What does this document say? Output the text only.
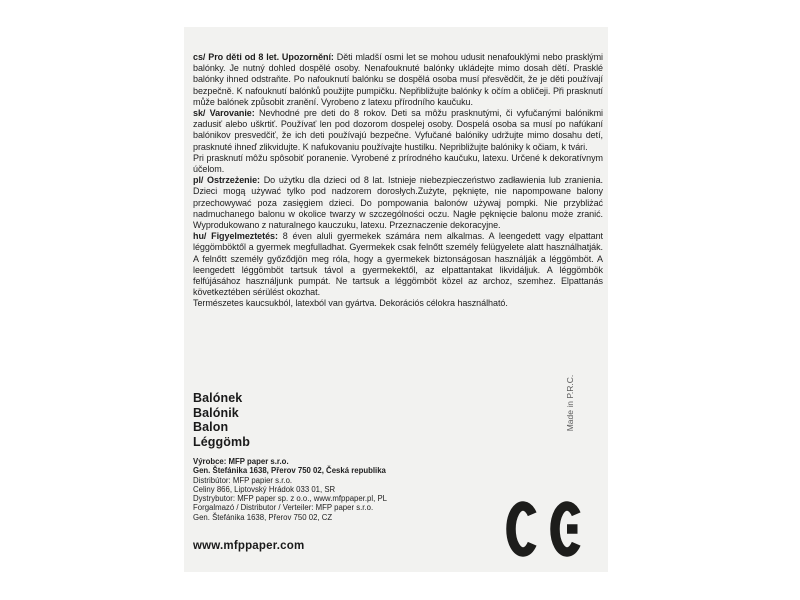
cs/ Pro děti od 8 let. Upozornění: Děti mladší osmi let se mohou udusit nenafouklými nebo prasklými balónky. Je nutný dohled dospělé osoby. Nenafouknuté balónky ukládejte mimo dosah dětí. Prasklé balónky ihned odstraňte. Po nafouknutí balónku se dospělá osoba musí přesvědčit, že je děti používají bezpečně. K nafouknutí balónků použijte pumpičku. Nepřibližujte balónky k očím a obličeji. Při prasknutí může balónek způsobit zranění. Vyrobeno z latexu přírodního kaučuku.

sk/ Varovanie: Nevhodné pre deti do 8 rokov. Deti sa môžu prasknutými, či vyfučanými balónikmi zadusiť alebo uškrtiť. Používať len pod dozorom dospelej osoby. Dospelá osoba sa musí po nafúkaní balónikov presvedčiť, že ich deti používajú bezpečne. Vyfučané balóniky udržujte mimo dosahu detí, prasknuté ihneď zlikvidujte. K nafukovaniu používajte hustilku. Nepribližujte balóniky k očiam, k tvári.

Pri prasknutí môžu spôsobiť poranenie. Vyrobené z prírodného kaučuku, latexu. Určené k dekoratívnym účelom.

pl/ Ostrzeżenie: Do użytku dla dzieci od 8 lat. Istnieje niebezpieczeństwo zadławienia lub zranienia. Dzieci mogą używać tylko pod nadzorem dorosłych.Zużyte, pęknięte, nie napompowane balony przechowywać poza zasięgiem dzieci. Do pompowania balonów używaj pompki. Nie przybliżać nadmuchanego balonu w okolice twarzy w szczególności oczu. Nagłe pęknięcie balonu może zranić. Wyprodukowano z naturalnego kauczuku, latexu. Przeznaczenie dekoracyjne.

hu/ Figyelmeztetés: 8 éven aluli gyermekek számára nem alkalmas. A leengedett vagy elpattant léggömböktől a gyermek megfulladhat. Gyermekek csak felnőtt személy felügyelete alatt használhatják. A felnőtt személy győződjön meg róla, hogy a gyermekek biztonságosan használják a léggömböt. A leengedett léggömböt tartsuk távol a gyermekektől, az elpattantakat likvidáljuk. A léggömbök felfújásához használjunk pumpát. Ne tartsuk a léggömböt közel az archoz, szemhez. Elpattanás következtében sérülést okozhat.

Természetes kaucsukból, latexból van gyártva. Dekorációs célokra használható.

Balónek
Balónik
Balon
Léggömb
Výrobce: MFP paper s.r.o.
Gen. Štefánika 1638, Přerov 750 02, Česká republika
Distribútor: MFP papier s.r.o.
Celiny 866, Liptovský Hrádok 033 01, SR
Dystrybutor: MFP paper sp. z o.o., www.mfppaper.pl, PL
Forgalmazó / Distributor / Verteiler: MFP paper s.r.o.
Gen. Štefánika 1638, Přerov 750 02, CZ
www.mfppaper.com
Made in P.R.C.
